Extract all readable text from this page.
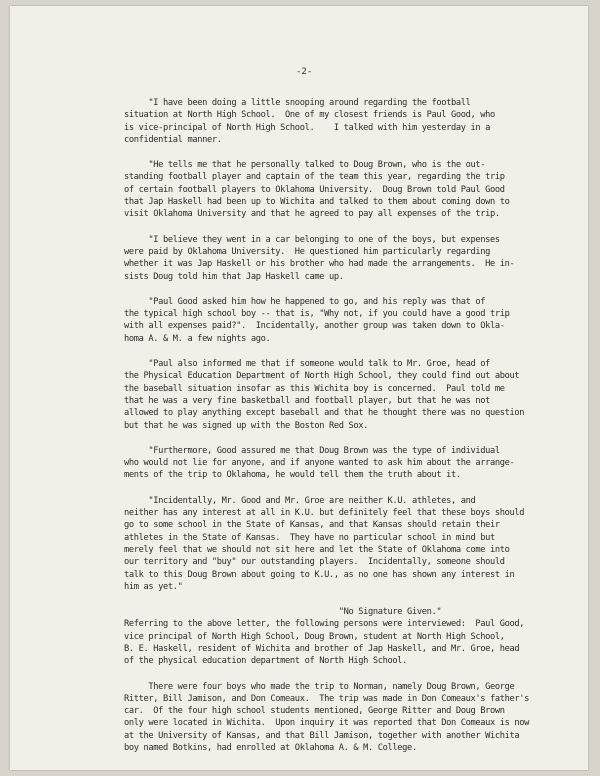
-2-
"I have been doing a little snooping around regarding the football
situation at North High School.  One of my closest friends is Paul Good, who
is vice-principal of North High School.    I talked with him yesterday in a
confidential manner.
"He tells me that he personally talked to Doug Brown, who is the out-
standing football player and captain of the team this year, regarding the trip
of certain football players to Oklahoma University.  Doug Brown told Paul Good
that Jap Haskell had been up to Wichita and talked to them about coming down to
visit Oklahoma University and that he agreed to pay all expenses of the trip.
"I believe they went in a car belonging to one of the boys, but expenses
were paid by Oklahoma University.  He questioned him particularly regarding
whether it was Jap Haskell or his brother who had made the arrangements.  He in-
sists Doug told him that Jap Haskell came up.
"Paul Good asked him how he happened to go, and his reply was that of
the typical high school boy -- that is, "Why not, if you could have a good trip
with all expenses paid?".  Incidentally, another group was taken down to Okla-
homa A. & M. a few nights ago.
"Paul also informed me that if someone would talk to Mr. Groe, head of
the Physical Education Department of North High School, they could find out about
the baseball situation insofar as this Wichita boy is concerned.  Paul told me
that he was a very fine basketball and football player, but that he was not
allowed to play anything except baseball and that he thought there was no question
but that he was signed up with the Boston Red Sox.
"Furthermore, Good assured me that Doug Brown was the type of individual
who would not lie for anyone, and if anyone wanted to ask him about the arrange-
ments of the trip to Oklahoma, he would tell them the truth about it.
"Incidentally, Mr. Good and Mr. Groe are neither K.U. athletes, and
neither has any interest at all in K.U. but definitely feel that these boys should
go to some school in the State of Kansas, and that Kansas should retain their
athletes in the State of Kansas.  They have no particular school in mind but
merely feel that we should not sit here and let the State of Oklahoma come into
our territory and "buy" our outstanding players.  Incidentally, someone should
talk to this Doug Brown about going to K.U., as no one has shown any interest in
him as yet."
"No Signature Given."
Referring to the above letter, the following persons were interviewed:  Paul Good,
vice principal of North High School, Doug Brown, student at North High School,
B. E. Haskell, resident of Wichita and brother of Jap Haskell, and Mr. Groe, head
of the physical education department of North High School.
There were four boys who made the trip to Norman, namely Doug Brown, George
Ritter, Bill Jamison, and Don Comeaux.  The trip was made in Don Comeaux's father's
car.  Of the four high school students mentioned, George Ritter and Doug Brown
only were located in Wichita.  Upon inquiry it was reported that Don Comeaux is now
at the University of Kansas, and that Bill Jamison, together with another Wichita
boy named Botkins, had enrolled at Oklahoma A. & M. College.
